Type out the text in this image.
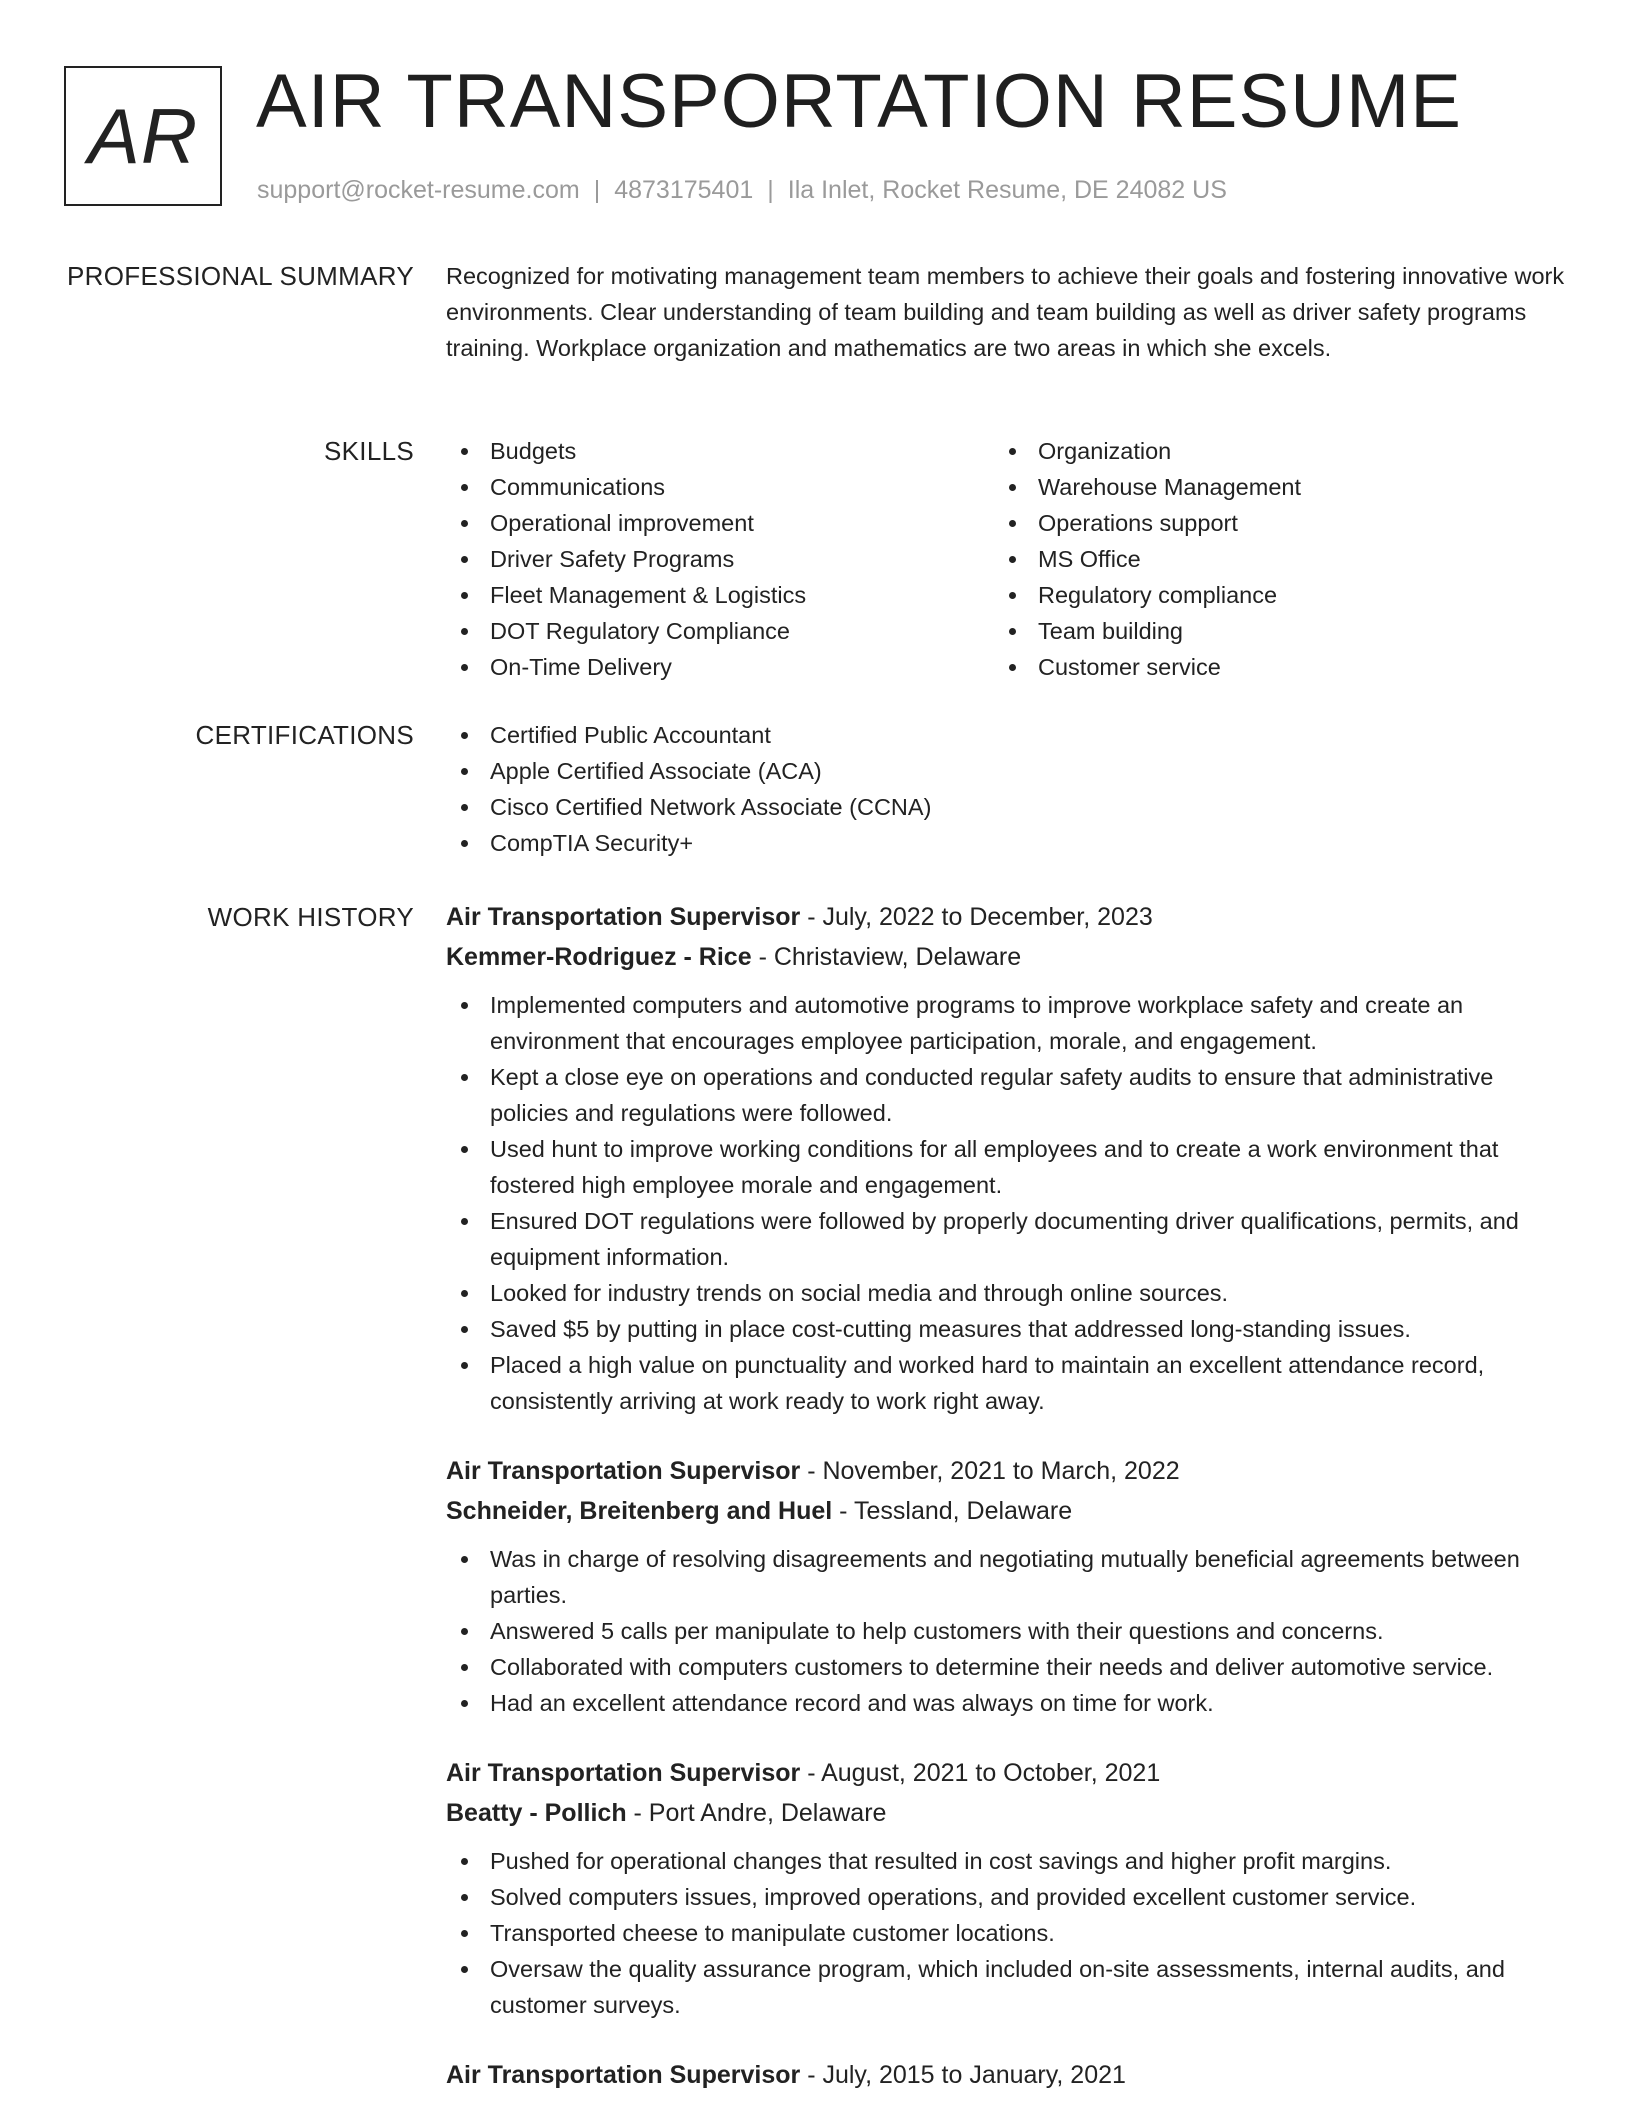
AR AIR TRANSPORTATION RESUME
support@rocket-resume.com | 4873175401 | Ila Inlet, Rocket Resume, DE 24082 US
PROFESSIONAL SUMMARY Recognized for motivating management team members to achieve their goals and fostering innovative work environments. Clear understanding of team building and team building as well as driver safety programs training. Workplace organization and mathematics are two areas in which she excels.

SKILLS	Budgets
Communications
Operational improvement
Driver Safety Programs
Fleet Management & Logistics
DOT Regulatory Compliance
On-Time Delivery
Organization
Warehouse Management
Operations support
MS Office
Regulatory compliance
Team building
Customer service
CERTIFICATIONS	Certified Public Accountant
Apple Certified Associate (ACA)
Cisco Certified Network Associate (CCNA)
CompTIA Security+
WORK HISTORY Air Transportation Supervisor - July, 2022 to December, 2023
Kemmer-Rodriguez - Rice - Christaview, Delaware
Implemented computers and automotive programs to improve workplace safety and create an environment that encourages employee participation, morale, and engagement.
Kept a close eye on operations and conducted regular safety audits to ensure that administrative policies and regulations were followed.
Used hunt to improve working conditions for all employees and to create a work environment that fostered high employee morale and engagement.
Ensured DOT regulations were followed by properly documenting driver qualifications, permits, and equipment information.
Looked for industry trends on social media and through online sources.
Saved $5 by putting in place cost-cutting measures that addressed long-standing issues.
Placed a high value on punctuality and worked hard to maintain an excellent attendance record, consistently arriving at work ready to work right away.
Air Transportation Supervisor - November, 2021 to March, 2022
Schneider, Breitenberg and Huel - Tessland, Delaware
Was in charge of resolving disagreements and negotiating mutually beneficial agreements between parties.
Answered 5 calls per manipulate to help customers with their questions and concerns.
Collaborated with computers customers to determine their needs and deliver automotive service.
Had an excellent attendance record and was always on time for work.
Air Transportation Supervisor - August, 2021 to October, 2021
Beatty - Pollich - Port Andre, Delaware
Pushed for operational changes that resulted in cost savings and higher profit margins.
Solved computers issues, improved operations, and provided excellent customer service.
Transported cheese to manipulate customer locations.
Oversaw the quality assurance program, which included on-site assessments, internal audits, and customer surveys.
Air Transportation Supervisor - July, 2015 to January, 2021
